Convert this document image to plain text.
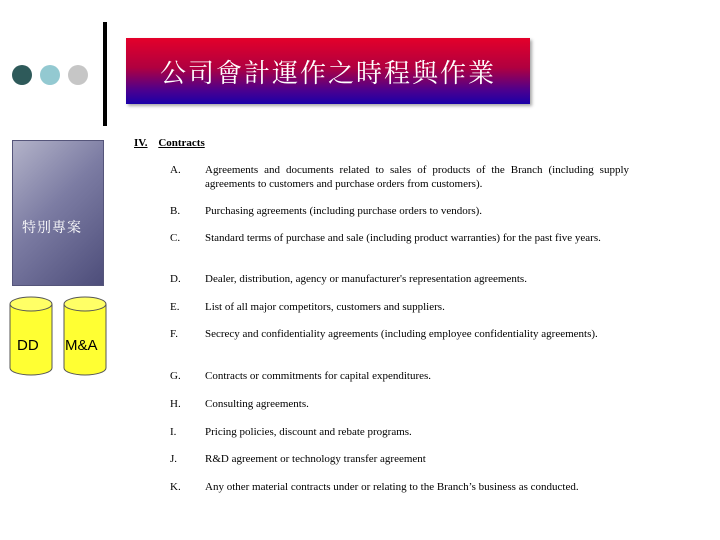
公司會計運作之時程與作業
特別專案
DD M&A
IV. Contracts
A. Agreements and documents related to sales of products of the Branch (including supply agreements to customers and purchase orders from customers).
B. Purchasing agreements (including purchase orders to vendors).
C. Standard terms of purchase and sale (including product warranties) for the past five years.
D. Dealer, distribution, agency or manufacturer's representation agreements.
E. List of all major competitors, customers and suppliers.
F. Secrecy and confidentiality agreements (including employee confidentiality agreements).
G. Contracts or commitments for capital expenditures.
H. Consulting agreements.
I.	Pricing policies, discount and rebate programs.
J.	R&D agreement or technology transfer agreement
K. Any other material contracts under or relating to the Branch’s business as conducted.
